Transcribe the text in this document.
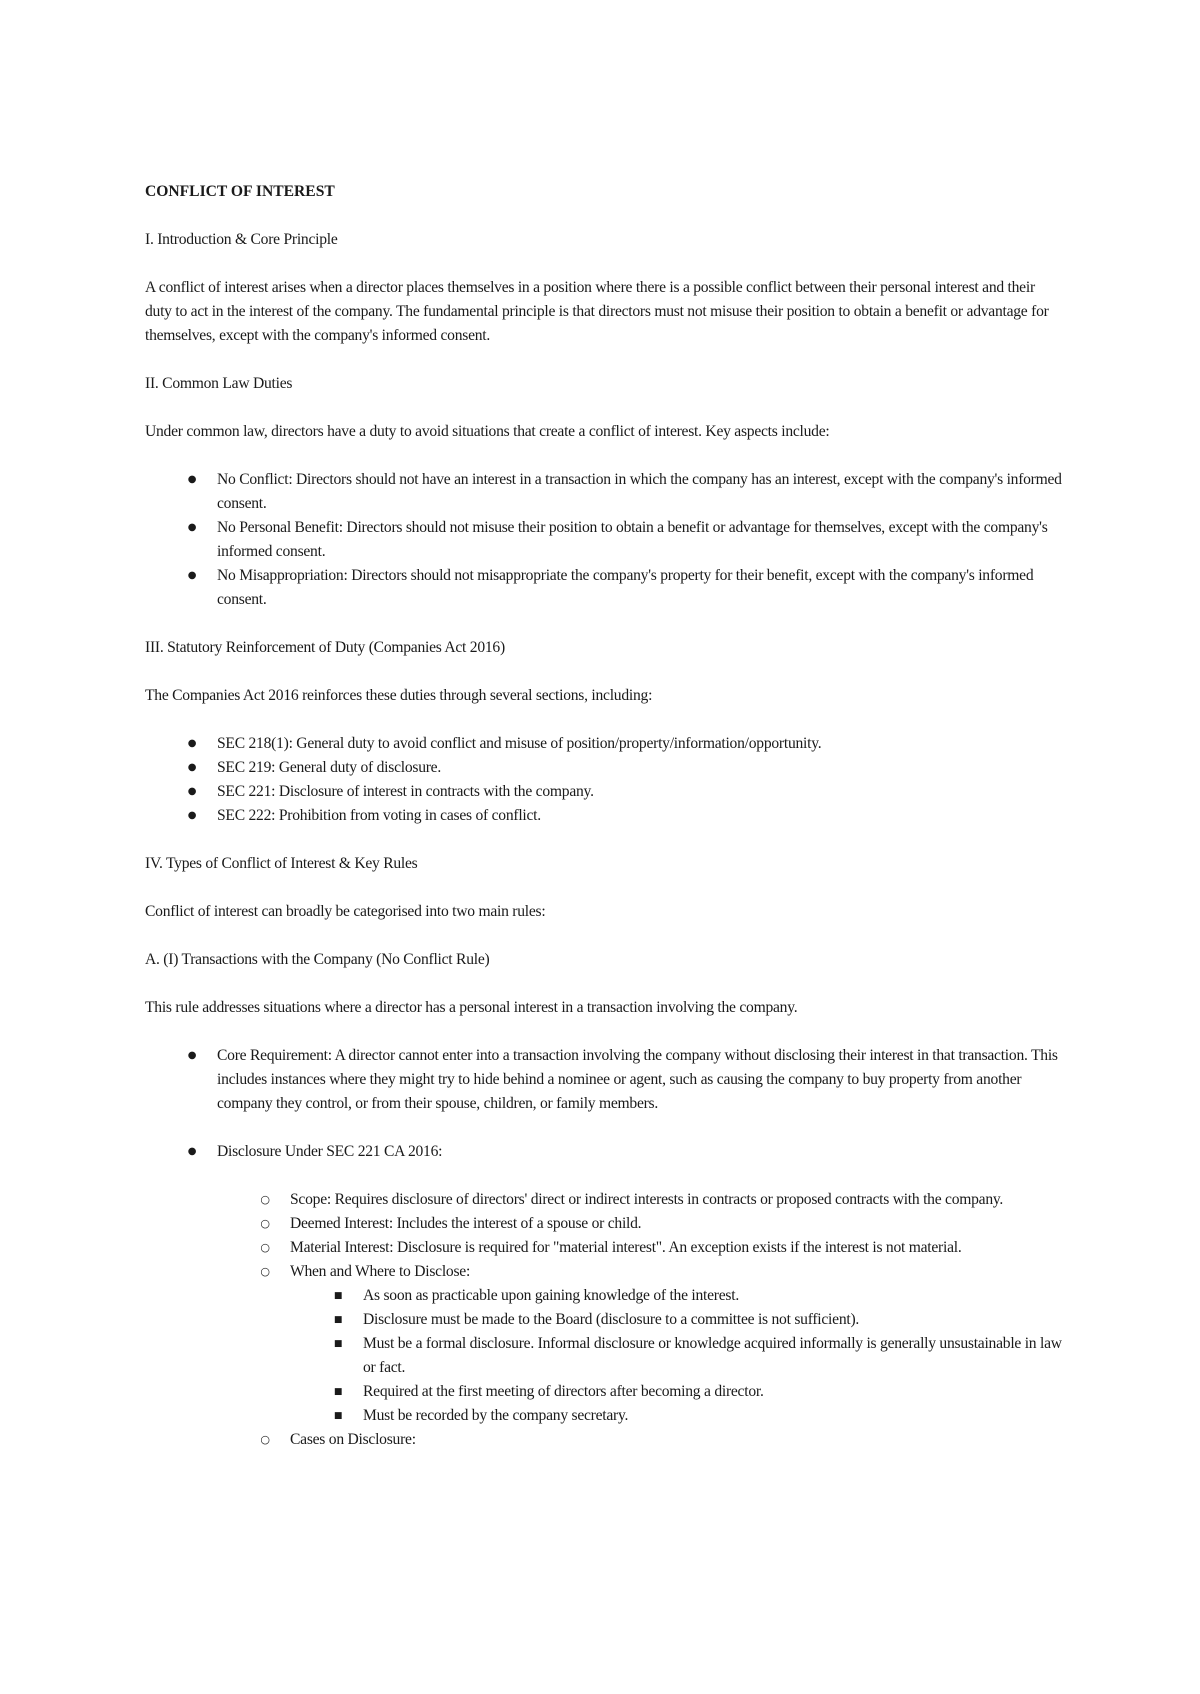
CONFLICT OF INTEREST

I. Introduction & Core Principle

A conflict of interest arises when a director places themselves in a position where there is a possible conflict between their personal interest and their duty to act in the interest of the company. The fundamental principle is that directors must not misuse their position to obtain a benefit or advantage for themselves, except with the company's informed consent.

II. Common Law Duties

Under common law, directors have a duty to avoid situations that create a conflict of interest. Key aspects include:

●	No Conflict: Directors should not have an interest in a transaction in which the company has an interest, except with the company's informed consent.
●	No Personal Benefit: Directors should not misuse their position to obtain a benefit or advantage for themselves, except with the company's informed consent.
●	No Misappropriation: Directors should not misappropriate the company's property for their benefit, except with the company's informed consent.

III. Statutory Reinforcement of Duty (Companies Act 2016)

The Companies Act 2016 reinforces these duties through several sections, including:

●	SEC 218(1): General duty to avoid conflict and misuse of position/property/information/opportunity.
●	SEC 219: General duty of disclosure.
●	SEC 221: Disclosure of interest in contracts with the company.
●	SEC 222: Prohibition from voting in cases of conflict.

IV. Types of Conflict of Interest & Key Rules

Conflict of interest can broadly be categorised into two main rules:

A. (I) Transactions with the Company (No Conflict Rule)

This rule addresses situations where a director has a personal interest in a transaction involving the company.

●	Core Requirement: A director cannot enter into a transaction involving the company without disclosing their interest in that transaction. This includes instances where they might try to hide behind a nominee or agent, such as causing the company to buy property from another company they control, or from their spouse, children, or family members.
●	Disclosure Under SEC 221 CA 2016:
○	Scope: Requires disclosure of directors' direct or indirect interests in contracts or proposed contracts with the company.
○	Deemed Interest: Includes the interest of a spouse or child.
○	Material Interest: Disclosure is required for "material interest". An exception exists if the interest is not material.
○	When and Where to Disclose:
■	As soon as practicable upon gaining knowledge of the interest.
■	Disclosure must be made to the Board (disclosure to a committee is not sufficient).
■	Must be a formal disclosure. Informal disclosure or knowledge acquired informally is generally unsustainable in law or fact.
■	Required at the first meeting of directors after becoming a director.
■	Must be recorded by the company secretary.
○	Cases on Disclosure:
